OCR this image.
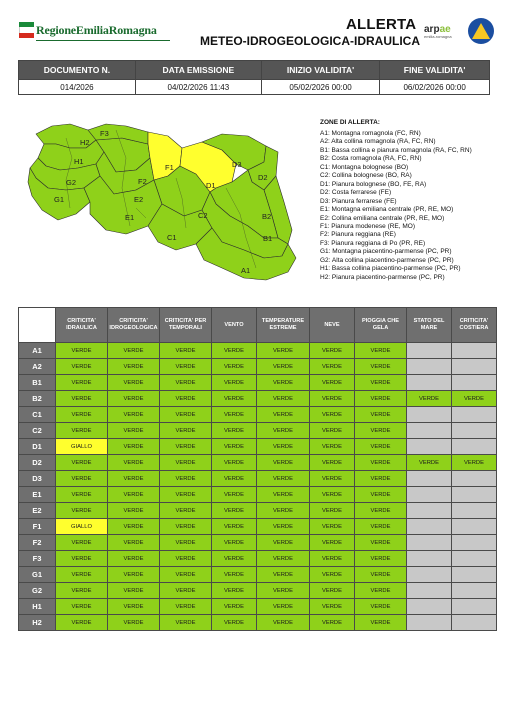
RegioneEmiliaRomagna	ALLERTA
METEO-IDROGEOLOGICA-IDRAULICA
arpae
emilia-romagna
DOCUMENTO N.	DATA EMISSIONE	INIZIO VALIDITA'	FINE VALIDITA'
014/2026	04/02/2026 11:43	05/02/2026 00:00	06/02/2026 00:00
H2
H1
G2
G1
E1
E2
F2
F1
C1
C2
D1
D3
B1
B2
A1
D2
F3
ZONE DI ALLERTA:
A1: Montagna romagnola (FC, RN)
A2: Alta collina romagnola (RA, FC, RN)
B1: Bassa collina e pianura romagnola (RA, FC, RN)
B2: Costa romagnola (RA, FC, RN)
C1: Montagna bolognese (BO)
C2: Collina bolognese (BO, RA)
D1: Pianura bolognese (BO, FE, RA)
D2: Costa ferrarese (FE)
D3: Pianura ferrarese (FE)
E1: Montagna emiliana centrale (PR, RE, MO)
E2: Collina emiliana centrale (PR, RE, MO)
F1: Pianura modenese (RE, MO)
F2: Pianura reggiana (RE)
F3: Pianura reggiana di Po (PR, RE)
G1: Montagna piacentino-parmense (PC, PR)
G2: Alta collina piacentino-parmense (PC, PR)
H1: Bassa collina piacentino-parmense (PC, PR)
H2: Pianura piacentino-parmense (PC, PR)
	CRITICITA' IDRAULICA	CRITICITA' IDROGEOLOGICA	CRITICITA' PER TEMPORALI	VENTO	TEMPERATURE ESTREME	NEVE	PIOGGIA CHE GELA	STATO DEL MARE	CRITICITA' COSTIERA
A1	VERDE	VERDE	VERDE	VERDE	VERDE	VERDE	VERDE		
A2	VERDE	VERDE	VERDE	VERDE	VERDE	VERDE	VERDE		
B1	VERDE	VERDE	VERDE	VERDE	VERDE	VERDE	VERDE		
B2	VERDE	VERDE	VERDE	VERDE	VERDE	VERDE	VERDE	VERDE	VERDE
C1	VERDE	VERDE	VERDE	VERDE	VERDE	VERDE	VERDE		
C2	VERDE	VERDE	VERDE	VERDE	VERDE	VERDE	VERDE		
D1	GIALLO	VERDE	VERDE	VERDE	VERDE	VERDE	VERDE		
D2	VERDE	VERDE	VERDE	VERDE	VERDE	VERDE	VERDE	VERDE	VERDE
D3	VERDE	VERDE	VERDE	VERDE	VERDE	VERDE	VERDE		
E1	VERDE	VERDE	VERDE	VERDE	VERDE	VERDE	VERDE		
E2	VERDE	VERDE	VERDE	VERDE	VERDE	VERDE	VERDE		
F1	GIALLO	VERDE	VERDE	VERDE	VERDE	VERDE	VERDE		
F2	VERDE	VERDE	VERDE	VERDE	VERDE	VERDE	VERDE		
F3	VERDE	VERDE	VERDE	VERDE	VERDE	VERDE	VERDE		
G1	VERDE	VERDE	VERDE	VERDE	VERDE	VERDE	VERDE		
G2	VERDE	VERDE	VERDE	VERDE	VERDE	VERDE	VERDE		
H1	VERDE	VERDE	VERDE	VERDE	VERDE	VERDE	VERDE		
H2	VERDE	VERDE	VERDE	VERDE	VERDE	VERDE	VERDE		
